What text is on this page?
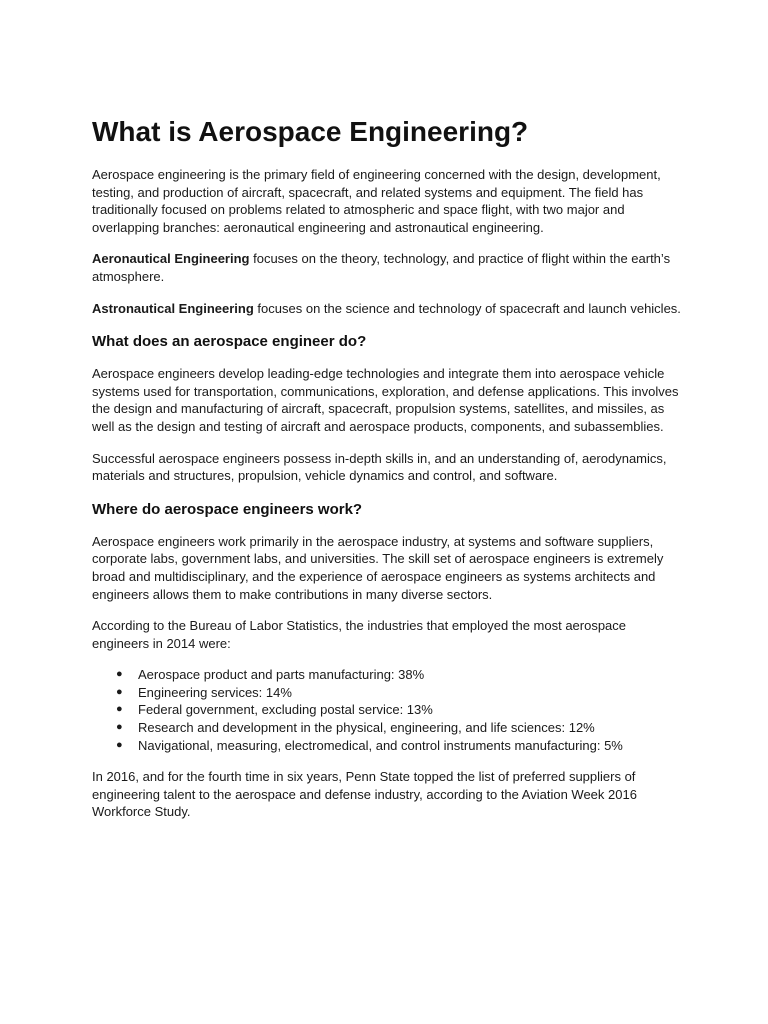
What is Aerospace Engineering?

Aerospace engineering is the primary field of engineering concerned with the design, development, testing, and production of aircraft, spacecraft, and related systems and equipment. The field has traditionally focused on problems related to atmospheric and space flight, with two major and overlapping branches: aeronautical engineering and astronautical engineering.

Aeronautical Engineering focuses on the theory, technology, and practice of flight within the earth’s atmosphere.

Astronautical Engineering focuses on the science and technology of spacecraft and launch vehicles.

What does an aerospace engineer do?

Aerospace engineers develop leading-edge technologies and integrate them into aerospace vehicle systems used for transportation, communications, exploration, and defense applications. This involves the design and manufacturing of aircraft, spacecraft, propulsion systems, satellites, and missiles, as well as the design and testing of aircraft and aerospace products, components, and subassemblies.

Successful aerospace engineers possess in-depth skills in, and an understanding of, aerodynamics, materials and structures, propulsion, vehicle dynamics and control, and software.

Where do aerospace engineers work?

Aerospace engineers work primarily in the aerospace industry, at systems and software suppliers, corporate labs, government labs, and universities. The skill set of aerospace engineers is extremely broad and multidisciplinary, and the experience of aerospace engineers as systems architects and engineers allows them to make contributions in many diverse sectors.

According to the Bureau of Labor Statistics, the industries that employed the most aerospace engineers in 2014 were:

● Aerospace product and parts manufacturing: 38%
● Engineering services: 14%
● Federal government, excluding postal service: 13%
● Research and development in the physical, engineering, and life sciences: 12%
● Navigational, measuring, electromedical, and control instruments manufacturing: 5%

In 2016, and for the fourth time in six years, Penn State topped the list of preferred suppliers of engineering talent to the aerospace and defense industry, according to the Aviation Week 2016 Workforce Study.
